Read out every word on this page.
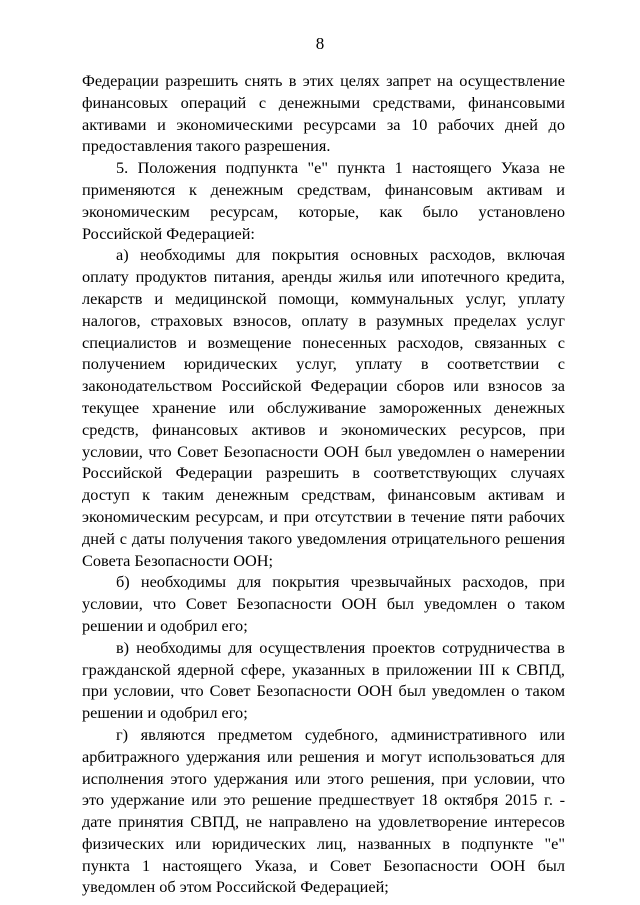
8

Федерации разрешить снять в этих целях запрет на осуществление финансовых операций с денежными средствами, финансовыми активами и экономическими ресурсами за 10 рабочих дней до предоставления такого разрешения.

5. Положения подпункта "е" пункта 1 настоящего Указа не применяются к денежным средствам, финансовым активам и экономическим ресурсам, которые, как было установлено Российской Федерацией:

а) необходимы для покрытия основных расходов, включая оплату продуктов питания, аренды жилья или ипотечного кредита, лекарств и медицинской помощи, коммунальных услуг, уплату налогов, страховых взносов, оплату в разумных пределах услуг специалистов и возмещение понесенных расходов, связанных с получением юридических услуг, уплату в соответствии с законодательством Российской Федерации сборов или взносов за текущее хранение или обслуживание замороженных денежных средств, финансовых активов и экономических ресурсов, при условии, что Совет Безопасности ООН был уведомлен о намерении Российской Федерации разрешить в соответствующих случаях доступ к таким денежным средствам, финансовым активам и экономическим ресурсам, и при отсутствии в течение пяти рабочих дней с даты получения такого уведомления отрицательного решения Совета Безопасности ООН;

б) необходимы для покрытия чрезвычайных расходов, при условии, что Совет Безопасности ООН был уведомлен о таком решении и одобрил его;

в) необходимы для осуществления проектов сотрудничества в гражданской ядерной сфере, указанных в приложении III к СВПД, при условии, что Совет Безопасности ООН был уведомлен о таком решении и одобрил его;

г) являются предметом судебного, административного или арбитражного удержания или решения и могут использоваться для исполнения этого удержания или этого решения, при условии, что это удержание или это решение предшествует 18 октября 2015 г. - дате принятия СВПД, не направлено на удовлетворение интересов физических или юридических лиц, названных в подпункте "е" пункта 1 настоящего Указа, и Совет Безопасности ООН был уведомлен об этом Российской Федерацией;
